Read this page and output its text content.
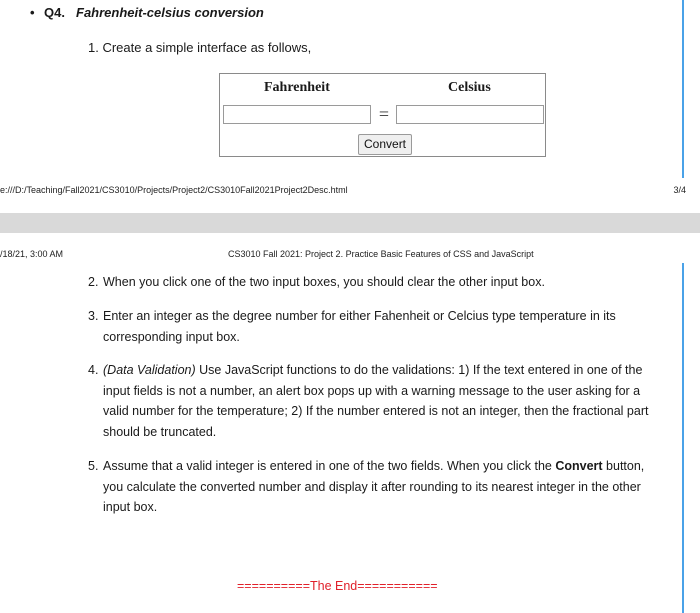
• Q4. Fahrenheit-celsius conversion
1. Create a simple interface as follows,
Fahrenheit	Celsius
=
Convert
e:///D:/Teaching/Fall2021/CS3010/Projects/Project2/CS3010Fall2021Project2Desc.html	3/4
/18/21, 3:00 AM	CS3010 Fall 2021: Project 2. Practice Basic Features of CSS and JavaScript
2. When you click one of the two input boxes, you should clear the other input box.
3. Enter an integer as the degree number for either Fahenheit or Celcius type temperature in its corresponding input box.
4. (Data Validation) Use JavaScript functions to do the validations: 1) If the text entered in one of the input fields is not a number, an alert box pops up with a warning message to the user asking for a valid number for the temperature; 2) If the number entered is not an integer, then the fractional part should be truncated.
5. Assume that a valid integer is entered in one of the two fields. When you click the Convert button, you calculate the converted number and display it after rounding to its nearest integer in the other input box.
==========The End===========
